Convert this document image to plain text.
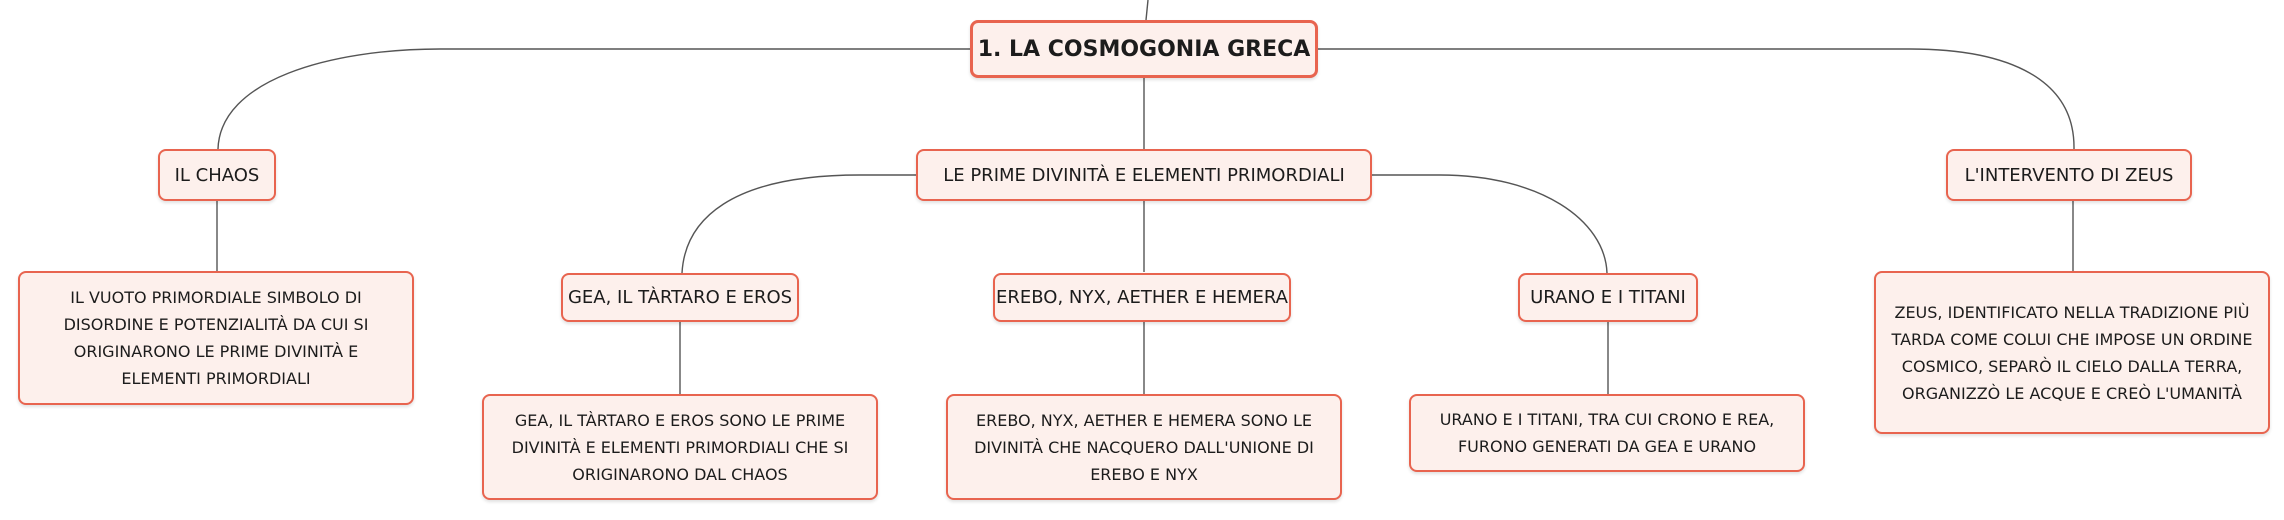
1. LA COSMOGONIA GRECA
IL CHAOS	LE PRIME DIVINITÀ E ELEMENTI PRIMORDIALI	L'INTERVENTO DI ZEUS
IL VUOTO PRIMORDIALE SIMBOLO DI DISORDINE E POTENZIALITÀ DA CUI SI ORIGINARONO LE PRIME DIVINITÀ E ELEMENTI PRIMORDIALI
GEA, IL TÀRTARO E EROS	EREBO, NYX, AETHER E HEMERA	URANO E I TITANI
GEA, IL TÀRTARO E EROS SONO LE PRIME DIVINITÀ E ELEMENTI PRIMORDIALI CHE SI ORIGINARONO DAL CHAOS
EREBO, NYX, AETHER E HEMERA SONO LE DIVINITÀ CHE NACQUERO DALL'UNIONE DI EREBO E NYX
URANO E I TITANI, TRA CUI CRONO E REA, FURONO GENERATI DA GEA E URANO
ZEUS, IDENTIFICATO NELLA TRADIZIONE PIÙ TARDA COME COLUI CHE IMPOSE UN ORDINE COSMICO, SEPARÒ IL CIELO DALLA TERRA, ORGANIZZÒ LE ACQUE E CREÒ L'UMANITÀ
